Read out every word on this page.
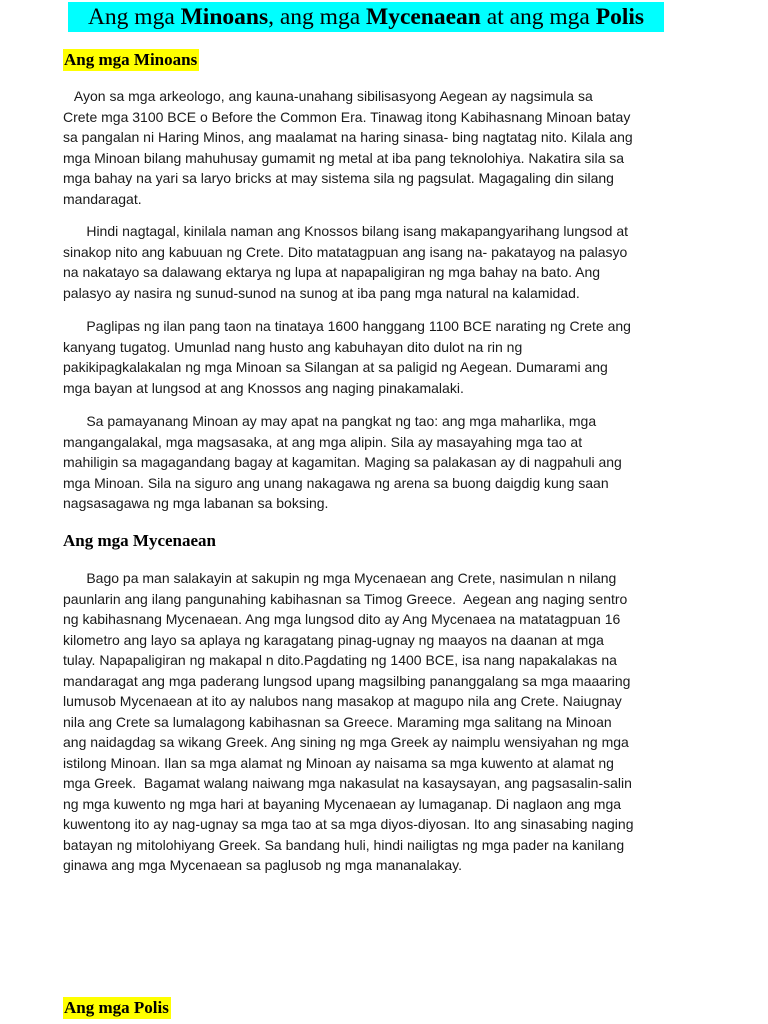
Ang mga Minoans, ang mga Mycenaean at ang mga Polis
Ang mga Minoans
Ayon sa mga arkeologo, ang kauna-unahang sibilisasyong Aegean ay nagsimula sa
Crete mga 3100 BCE o Before the Common Era. Tinawag itong Kabihasnang Minoan batay
sa pangalan ni Haring Minos, ang maalamat na haring sinasa- bing nagtatag nito. Kilala ang
mga Minoan bilang mahuhusay gumamit ng metal at iba pang teknolohiya. Nakatira sila sa
mga bahay na yari sa laryo bricks at may sistema sila ng pagsulat. Magagaling din silang
mandaragat.
Hindi nagtagal, kinilala naman ang Knossos bilang isang makapangyarihang lungsod at
sinakop nito ang kabuuan ng Crete. Dito matatagpuan ang isang na- pakatayog na palasyo
na nakatayo sa dalawang ektarya ng lupa at napapaligiran ng mga bahay na bato. Ang
palasyo ay nasira ng sunud-sunod na sunog at iba pang mga natural na kalamidad.
Paglipas ng ilan pang taon na tinataya 1600 hanggang 1100 BCE narating ng Crete ang
kanyang tugatog. Umunlad nang husto ang kabuhayan dito dulot na rin ng
pakikipagkalakalan ng mga Minoan sa Silangan at sa paligid ng Aegean. Dumarami ang
mga bayan at lungsod at ang Knossos ang naging pinakamalaki.
Sa pamayanang Minoan ay may apat na pangkat ng tao: ang mga maharlika, mga
mangangalakal, mga magsasaka, at ang mga alipin. Sila ay masayahing mga tao at
mahiligin sa magagandang bagay at kagamitan. Maging sa palakasan ay di nagpahuli ang
mga Minoan. Sila na siguro ang unang nakagawa ng arena sa buong daigdig kung saan
nagsasagawa ng mga labanan sa boksing.
Ang mga Mycenaean
Bago pa man salakayin at sakupin ng mga Mycenaean ang Crete, nasimulan n nilang
paunlarin ang ilang pangunahing kabihasnan sa Timog Greece.  Aegean ang naging sentro
ng kabihasnang Mycenaean. Ang mga lungsod dito ay Ang Mycenaea na matatagpuan 16
kilometro ang layo sa aplaya ng karagatang pinag-ugnay ng maayos na daanan at mga
tulay. Napapaligiran ng makapal n dito.Pagdating ng 1400 BCE, isa nang napakalakas na
mandaragat ang mga paderang lungsod upang magsilbing pananggalang sa mga maaaring
lumusob Mycenaean at ito ay nalubos nang masakop at magupo nila ang Crete. Naiugnay
nila ang Crete sa lumalagong kabihasnan sa Greece. Maraming mga salitang na Minoan
ang naidagdag sa wikang Greek. Ang sining ng mga Greek ay naimplu wensiyahan ng mga
istilong Minoan. Ilan sa mga alamat ng Minoan ay naisama sa mga kuwento at alamat ng
mga Greek.  Bagamat walang naiwang mga nakasulat na kasaysayan, ang pagsasalin-salin
ng mga kuwento ng mga hari at bayaning Mycenaean ay lumaganap. Di naglaon ang mga
kuwentong ito ay nag-ugnay sa mga tao at sa mga diyos-diyosan. Ito ang sinasabing naging
batayan ng mitolohiyang Greek. Sa bandang huli, hindi nailigtas ng mga pader na kanilang
ginawa ang mga Mycenaean sa paglusob ng mga mananalakay.
Ang mga Polis
